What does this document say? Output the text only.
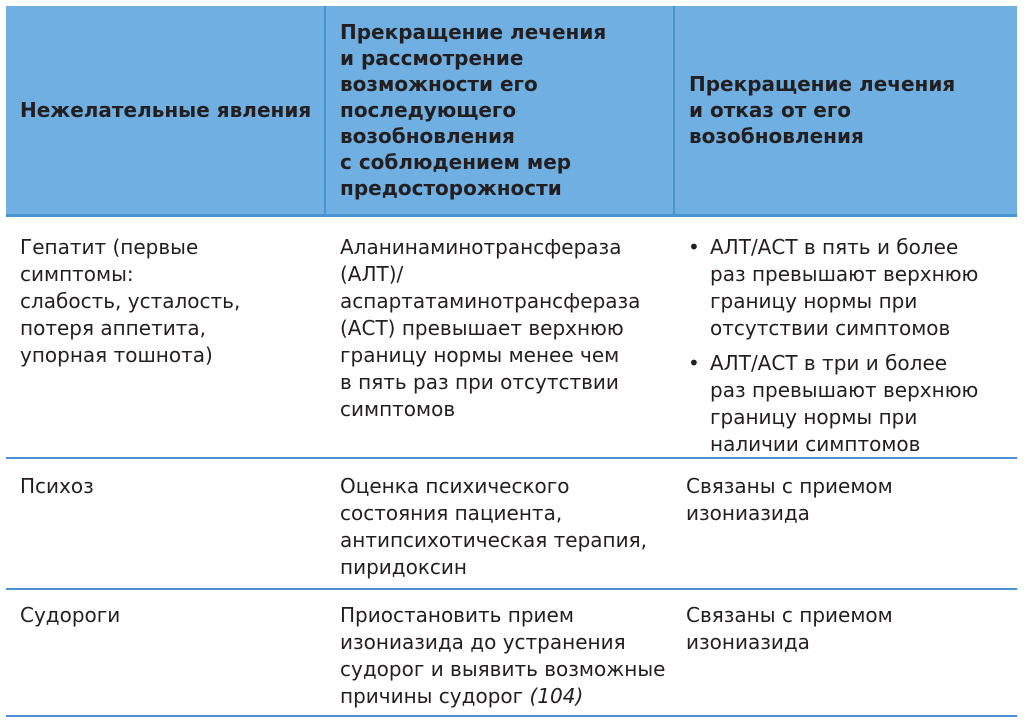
Нежелательные явления
Прекращение лечения
и рассмотрение
возможности его
последующего
возобновления
с соблюдением мер
предосторожности
Прекращение лечения
и отказ от его
возобновления
Гепатит (первые
симптомы:
слабость, усталость,
потеря аппетита,
упорная тошнота)
Аланинаминотрансфераза
(АЛТ)/
аспартатаминотрансфераза
(АСТ) превышает верхнюю
границу нормы менее чем
в пять раз при отсутствии
симптомов
• АЛТ/АСТ в пять и более
раз превышают верхнюю
границу нормы при
отсутствии симптомов
• АЛТ/АСТ в три и более
раз превышают верхнюю
границу нормы при
наличии симптомов
Психоз	Оценка психического
состояния пациента,
антипсихотическая терапия,
пиридоксин
Связаны с приемом
изониазида
Судороги	Приостановить прием
изониазида до устранения
судорог и выявить возможные
причины судорог (104)
Связаны с приемом
изониазида
